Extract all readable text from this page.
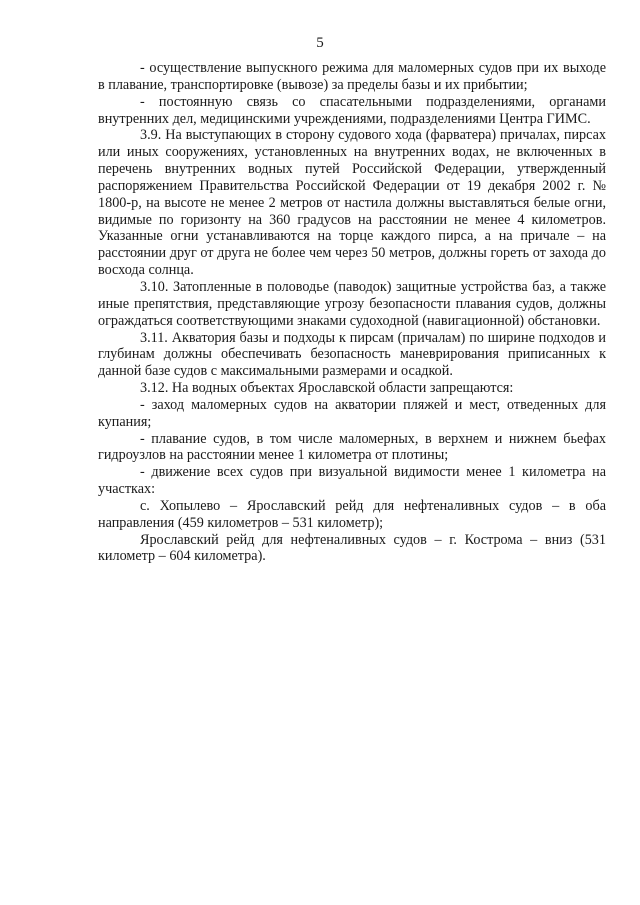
5

- осуществление выпускного режима для маломерных судов при их выходе в плавание, транспортировке (вывозе) за пределы базы и их прибытии;

- постоянную связь со спасательными подразделениями, органами внутренних дел, медицинскими учреждениями, подразделениями Центра ГИМС.

3.9. На выступающих в сторону судового хода (фарватера) причалах, пирсах или иных сооружениях, установленных на внутренних водах, не включенных в перечень внутренних водных путей Российской Федерации, утвержденный распоряжением Правительства Российской Федерации от 19 декабря 2002 г. № 1800-р, на высоте не менее 2 метров от настила должны выставляться белые огни, видимые по горизонту на 360 градусов на расстоянии не менее 4 километров. Указанные огни устанавливаются на торце каждого пирса, а на причале – на расстоянии друг от друга не более чем через 50 метров, должны гореть от захода до восхода солнца.

3.10. Затопленные в половодье (паводок) защитные устройства баз, а также иные препятствия, представляющие угрозу безопасности плавания судов, должны ограждаться соответствующими знаками судоходной (навигационной) обстановки.

3.11. Акватория базы и подходы к пирсам (причалам) по ширине подходов и глубинам должны обеспечивать безопасность маневрирования приписанных к данной базе судов с максимальными размерами и осадкой.

3.12. На водных объектах Ярославской области запрещаются:

- заход маломерных судов на акватории пляжей и мест, отведенных для купания;

- плавание судов, в том числе маломерных, в верхнем и нижнем бьефах гидроузлов на расстоянии менее 1 километра от плотины;

- движение всех судов при визуальной видимости менее 1 километра на участках:

с. Хопылево – Ярославский рейд для нефтеналивных судов – в оба направления (459 километров – 531 километр);

Ярославский рейд для нефтеналивных судов – г. Кострома – вниз (531 километр – 604 километра).
